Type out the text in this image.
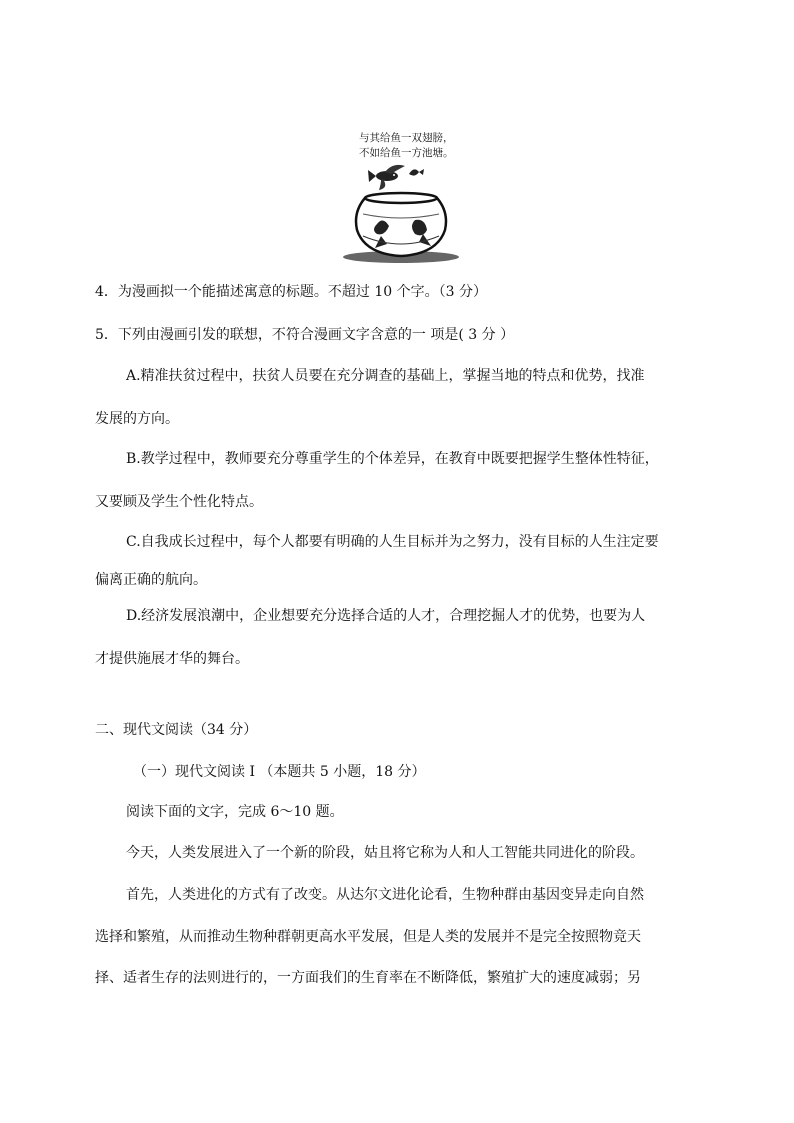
与其给鱼一双翅膀，
不如给鱼一方池塘。
4．为漫画拟一个能描述寓意的标题。不超过 10 个字。（3 分）
5．下列由漫画引发的联想，不符合漫画文字含意的一 项是( 3 分 ）
A.精准扶贫过程中，扶贫人员要在充分调查的基础上，掌握当地的特点和优势，找准
发展的方向。
B.教学过程中，教师要充分尊重学生的个体差异，在教育中既要把握学生整体性特征，
又要顾及学生个性化特点。
C.自我成长过程中，每个人都要有明确的人生目标并为之努力，没有目标的人生注定要
偏离正确的航向。
D.经济发展浪潮中，企业想要充分选择合适的人才，合理挖掘人才的优势，也要为人
才提供施展才华的舞台。
二、现代文阅读（34 分）
（一）现代文阅读 I （本题共 5 小题，18 分）
阅读下面的文字，完成 6～10 题。
今天，人类发展进入了一个新的阶段，姑且将它称为人和人工智能共同进化的阶段。
首先，人类进化的方式有了改变。从达尔文进化论看，生物种群由基因变异走向自然
选择和繁殖，从而推动生物种群朝更高水平发展，但是人类的发展并不是完全按照物竞天
择、适者生存的法则进行的，一方面我们的生育率在不断降低，繁殖扩大的速度减弱；另
